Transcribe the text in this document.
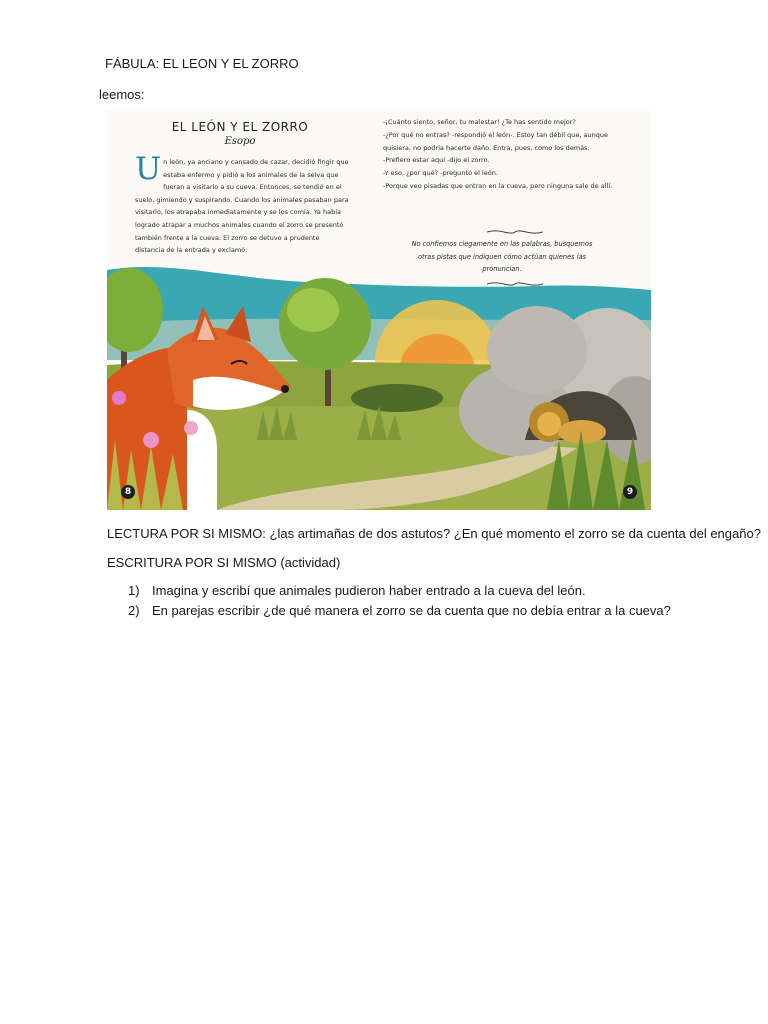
FÁBULA: EL LEON Y EL ZORRO
leemos:
EL LEÓN Y EL ZORRO
Esopo
Un león, ya anciano y cansado de cazar, decidió fingir que estaba enfermo y pidió a los animales de la selva que fueran a visitarlo a su cueva. Entonces, se tendió en el suelo, gimiendo y suspirando. Cuando los animales pasaban para visitarlo, los atrapaba inmediatamente y se los comía. Ya había logrado atrapar a muchos animales cuando el zorro se presentó también frente a la cueva. El zorro se detuvo a prudente distancia de la entrada y exclamó:
-¡Cuánto siento, señor, tu malestar! ¿Te has sentido mejor?
-¿Por qué no entras? -respondió el león-. Estoy tan débil que, aunque quisiera, no podría hacerte daño. Entra, pues, como los demás.
-Prefiero estar aquí -dijo el zorro.
-Y eso, ¿por qué? -preguntó el león.
-Porque veo pisadas que entran en la cueva, pero ninguna sale de allí.
No confiemos ciegamente en las palabras, busquemos otras pistas que indiquen cómo actúan quienes las pronuncian.
8	9
LECTURA POR SI MISMO: ¿las artimañas de dos astutos? ¿En qué momento el zorro se da cuenta del engaño?
ESCRITURA POR SI MISMO (actividad)
1) Imagina y escribí que animales pudieron haber entrado a la cueva del león.
2) En parejas escribir ¿de qué manera el zorro se da cuenta que no debía entrar a la cueva?
